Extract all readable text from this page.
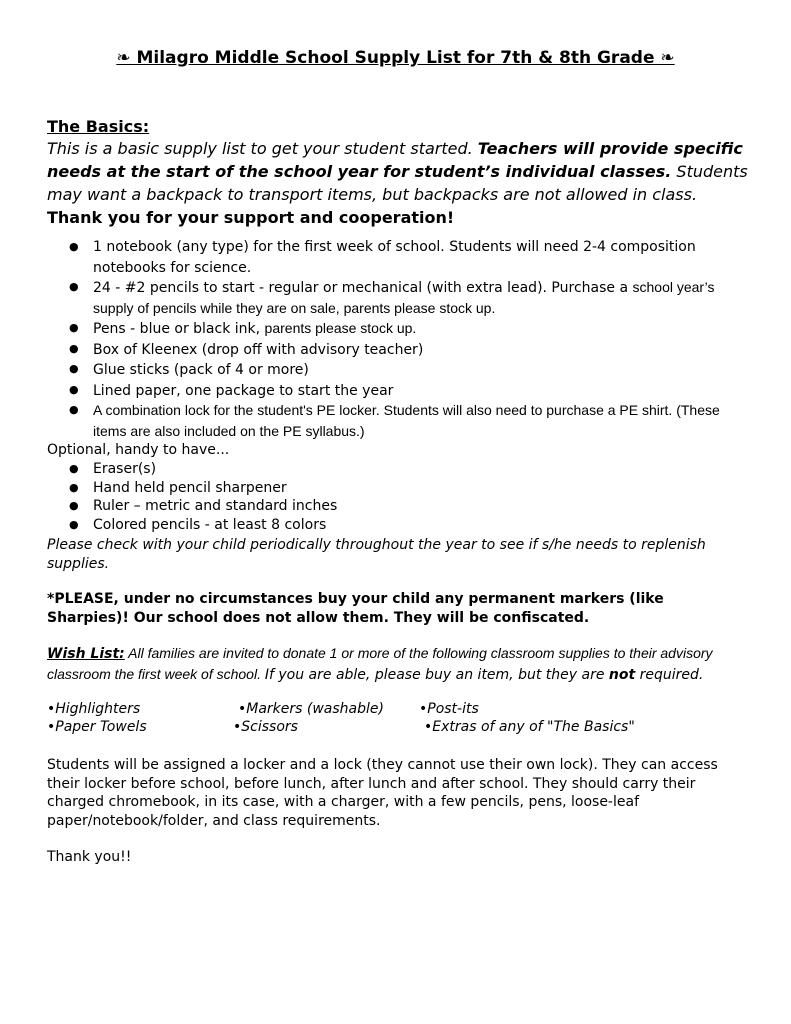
❧ Milagro Middle School Supply List for 7th & 8th Grade ❧
The Basics:
This is a basic supply list to get your student started. Teachers will provide specific needs at the start of the school year for student’s individual classes. Students may want a backpack to transport items, but backpacks are not allowed in class. Thank you for your support and cooperation!
● 1 notebook (any type) for the first week of school. Students will need 2-4 composition notebooks for science.
● 24 - #2 pencils to start - regular or mechanical (with extra lead). Purchase a school year’s supply of pencils while they are on sale, parents please stock up.
● Pens - blue or black ink, parents please stock up.
● Box of Kleenex (drop off with advisory teacher)
● Glue sticks (pack of 4 or more)
● Lined paper, one package to start the year
● A combination lock for the student's PE locker. Students will also need to purchase a PE shirt. (These items are also included on the PE syllabus.)
Optional, handy to have...
● Eraser(s)
● Hand held pencil sharpener
● Ruler – metric and standard inches
● Colored pencils - at least 8 colors
Please check with your child periodically throughout the year to see if s/he needs to replenish supplies.
*PLEASE, under no circumstances buy your child any permanent markers (like Sharpies)! Our school does not allow them. They will be confiscated.
Wish List: All families are invited to donate 1 or more of the following classroom supplies to their advisory classroom the first week of school. If you are able, please buy an item, but they are not required.
•Highlighters	•Markers (washable)	•Post-its
•Paper Towels	•Scissors	•Extras of any of "The Basics"
Students will be assigned a locker and a lock (they cannot use their own lock). They can access their locker before school, before lunch, after lunch and after school. They should carry their charged chromebook, in its case, with a charger, with a few pencils, pens, loose-leaf paper/notebook/folder, and class requirements.
Thank you!!
